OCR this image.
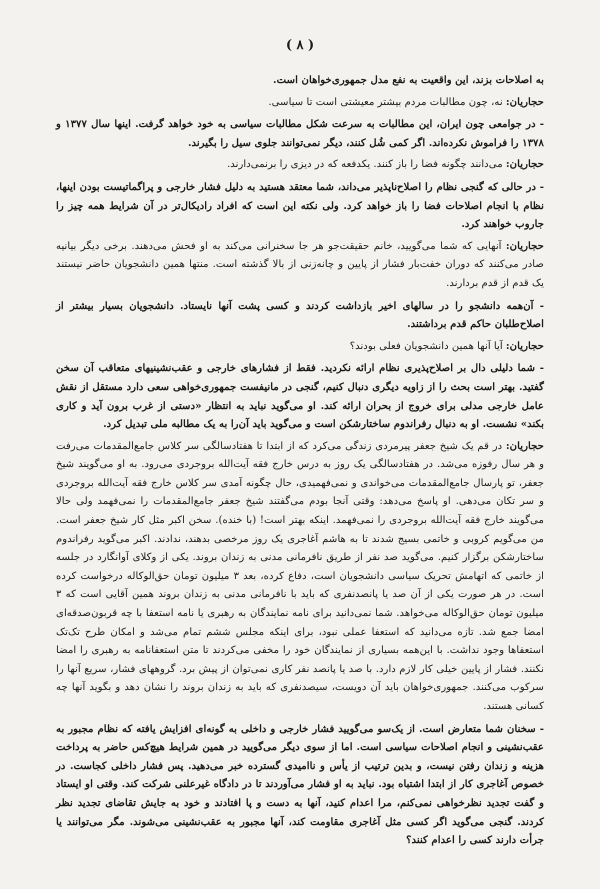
( ۸ )

به اصلاحات بزند، این واقعیت به نفع مدل جمهوری‌خواهان است.

حجاریان: نه، چون مطالبات مردم بیشتر معیشتی است تا سیاسی.

- در جوامعی چون ایران، این مطالبات به سرعت شکل مطالبات سیاسی به خود خواهد گرفت. اینها سال ۱۳۷۷ و ۱۳۷۸ را فراموش نکرده‌اند. اگر کمی شُل کنند، دیگر نمی‌توانند جلوی سیل را بگیرند.

حجاریان: می‌دانند چگونه فضا را باز کنند. یکدفعه که در دیزی را برنمی‌دارند.

- در حالی که گنجی نظام را اصلاح‌ناپذیر می‌داند، شما معتقد هستید به دلیل فشار خارجی و پراگماتیست بودن اینها، نظام با انجام اصلاحات فضا را باز خواهد کرد. ولی نکته این است که افراد رادیکال‌تر در آن شرایط همه چیز را جاروب خواهند کرد.

حجاریان: آنهایی که شما می‌گویید، خانم حقیقت‌جو هر جا سخنرانی می‌کند به او فحش می‌دهند. برخی دیگر بیانیه صادر می‌کنند که دوران خفت‌بار فشار از پایین و چانه‌زنی از بالا گذشته است. منتها همین دانشجویان حاضر نیستند یک قدم از قدم بردارند.

- آن‌همه دانشجو را در سالهای اخیر بازداشت کردند و کسی پشت آنها نایستاد. دانشجویان بسیار بیشتر از اصلاح‌طلبان حاکم قدم برداشتند.

حجاریان: آیا آنها همین دانشجویان فعلی بودند؟

- شما دلیلی دال بر اصلاح‌پذیری نظام ارائه نکردید. فقط از فشارهای خارجی و عقب‌نشینیهای متعاقب آن سخن گفتید. بهتر است بحث را از زاویه دیگری دنبال کنیم، گنجی در مانیفست جمهوری‌خواهی سعی دارد مستقل از نقش عامل خارجی مدلی برای خروج از بحران ارائه کند. او می‌گوید نباید به انتظار «دستی از غرب برون آید و کاری بکند» نشست. او به دنبال رفراندوم ساختارشکن است و می‌گوید باید آن‌را به یک مطالبه ملی تبدیل کرد.

حجاریان: در قم یک شیخ جعفر پیرمردی زندگی می‌کرد که از ابتدا تا هفتادسالگی سر کلاس جامع‌المقدمات می‌رفت و هر سال رفوزه می‌شد. در هفتادسالگی یک روز به درس خارج فقه آیت‌الله بروجردی می‌رود. به او می‌گویند شیخ جعفر، تو پارسال جامع‌المقدمات می‌خواندی و نمی‌فهمیدی، حال چگونه آمدی سر کلاس خارج فقه آیت‌الله بروجردی و سر تکان می‌دهی. او پاسخ می‌دهد: وقتی آنجا بودم می‌گفتند شیخ جعفر جامع‌المقدمات را نمی‌فهمد ولی حالا می‌گویند خارج فقه آیت‌الله بروجردی را نمی‌فهمد. اینکه بهتر است! (با خنده). سخن اکبر مثل کار شیخ جعفر است. من می‌گویم کروبی و خاتمی بسیج شدند تا به هاشم آغاجری یک روز مرخصی بدهند، ندادند. اکبر می‌گوید رفراندوم ساختارشکن برگزار کنیم. می‌گوید صد نفر از طریق نافرمانی مدنی به زندان بروند. یکی از وکلای آوانگارد در جلسه از خاتمی که اتهامش تحریک سیاسی دانشجویان است، دفاع کرده، بعد ۳ میلیون تومان حق‌الوکاله درخواست کرده است. در هر صورت یکی از آن صد یا پانصدنفری که باید با نافرمانی مدنی به زندان بروند همین آقایی است که ۳ میلیون تومان حق‌الوکاله می‌خواهد. شما نمی‌دانید برای نامه نمایندگان به رهبری یا نامه استعفا با چه قربون‌صدقه‌ای امضا جمع شد. تازه می‌دانید که استعفا عملی نبود، برای اینکه مجلس ششم تمام می‌شد و امکان طرح تک‌تک استعفاها وجود نداشت. با این‌همه بسیاری از نمایندگان خود را مخفی می‌کردند تا متن استعفانامه به رهبری را امضا نکنند. فشار از پایین خیلی کار لازم دارد. با صد یا پانصد نفر کاری نمی‌توان از پیش برد. گروههای فشار، سریع آنها را سرکوب می‌کنند. جمهوری‌خواهان باید آن دویست، سیصدنفری که باید به زندان بروند را نشان دهد و بگوید آنها چه کسانی هستند.

- سخنان شما متعارض است. از یک‌سو می‌گویید فشار خارجی و داخلی به گونه‌ای افزایش یافته که نظام مجبور به عقب‌نشینی و انجام اصلاحات سیاسی است. اما از سوی دیگر می‌گویید در همین شرایط هیچ‌کس حاضر به پرداخت هزینه و زندان رفتن نیست، و بدین ترتیب از یأس و ناامیدی گسترده خبر می‌دهید. پس فشار داخلی کجاست. در خصوص آغاجری کار از ابتدا اشتباه بود. نباید به او فشار می‌آوردند تا در دادگاه غیرعلنی شرکت کند. وقتی او ایستاد و گفت تجدید نظرخواهی نمی‌کنم، مرا اعدام کنید، آنها به دست و پا افتادند و خود به جایش تقاضای تجدید نظر کردند. گنجی می‌گوید اگر کسی مثل آغاجری مقاومت کند، آنها مجبور به عقب‌نشینی می‌شوند. مگر می‌توانند یا جرأت دارند کسی را اعدام کنند؟
